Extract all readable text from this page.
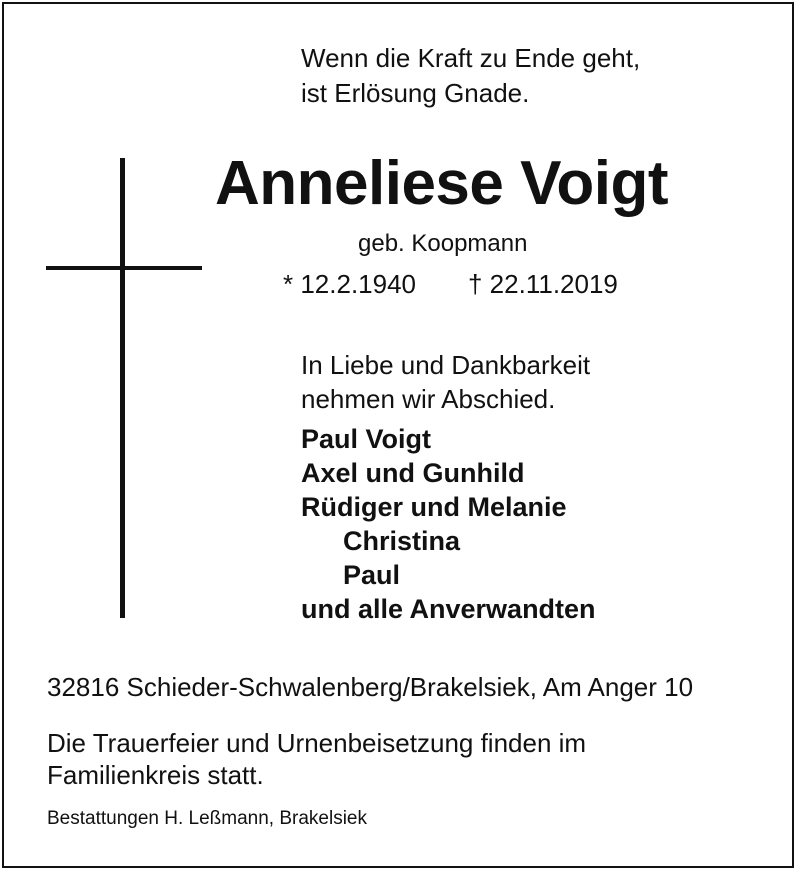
Wenn die Kraft zu Ende geht,
ist Erlösung Gnade.
Anneliese Voigt
geb. Koopmann
* 12.2.1940 † 22.11.2019
In Liebe und Dankbarkeit
nehmen wir Abschied.
Paul Voigt
Axel und Gunhild
Rüdiger und Melanie
Christina
Paul
und alle Anverwandten
32816 Schieder-Schwalenberg/Brakelsiek, Am Anger 10
Die Trauerfeier und Urnenbeisetzung finden im
Familienkreis statt.
Bestattungen H. Leßmann, Brakelsiek
